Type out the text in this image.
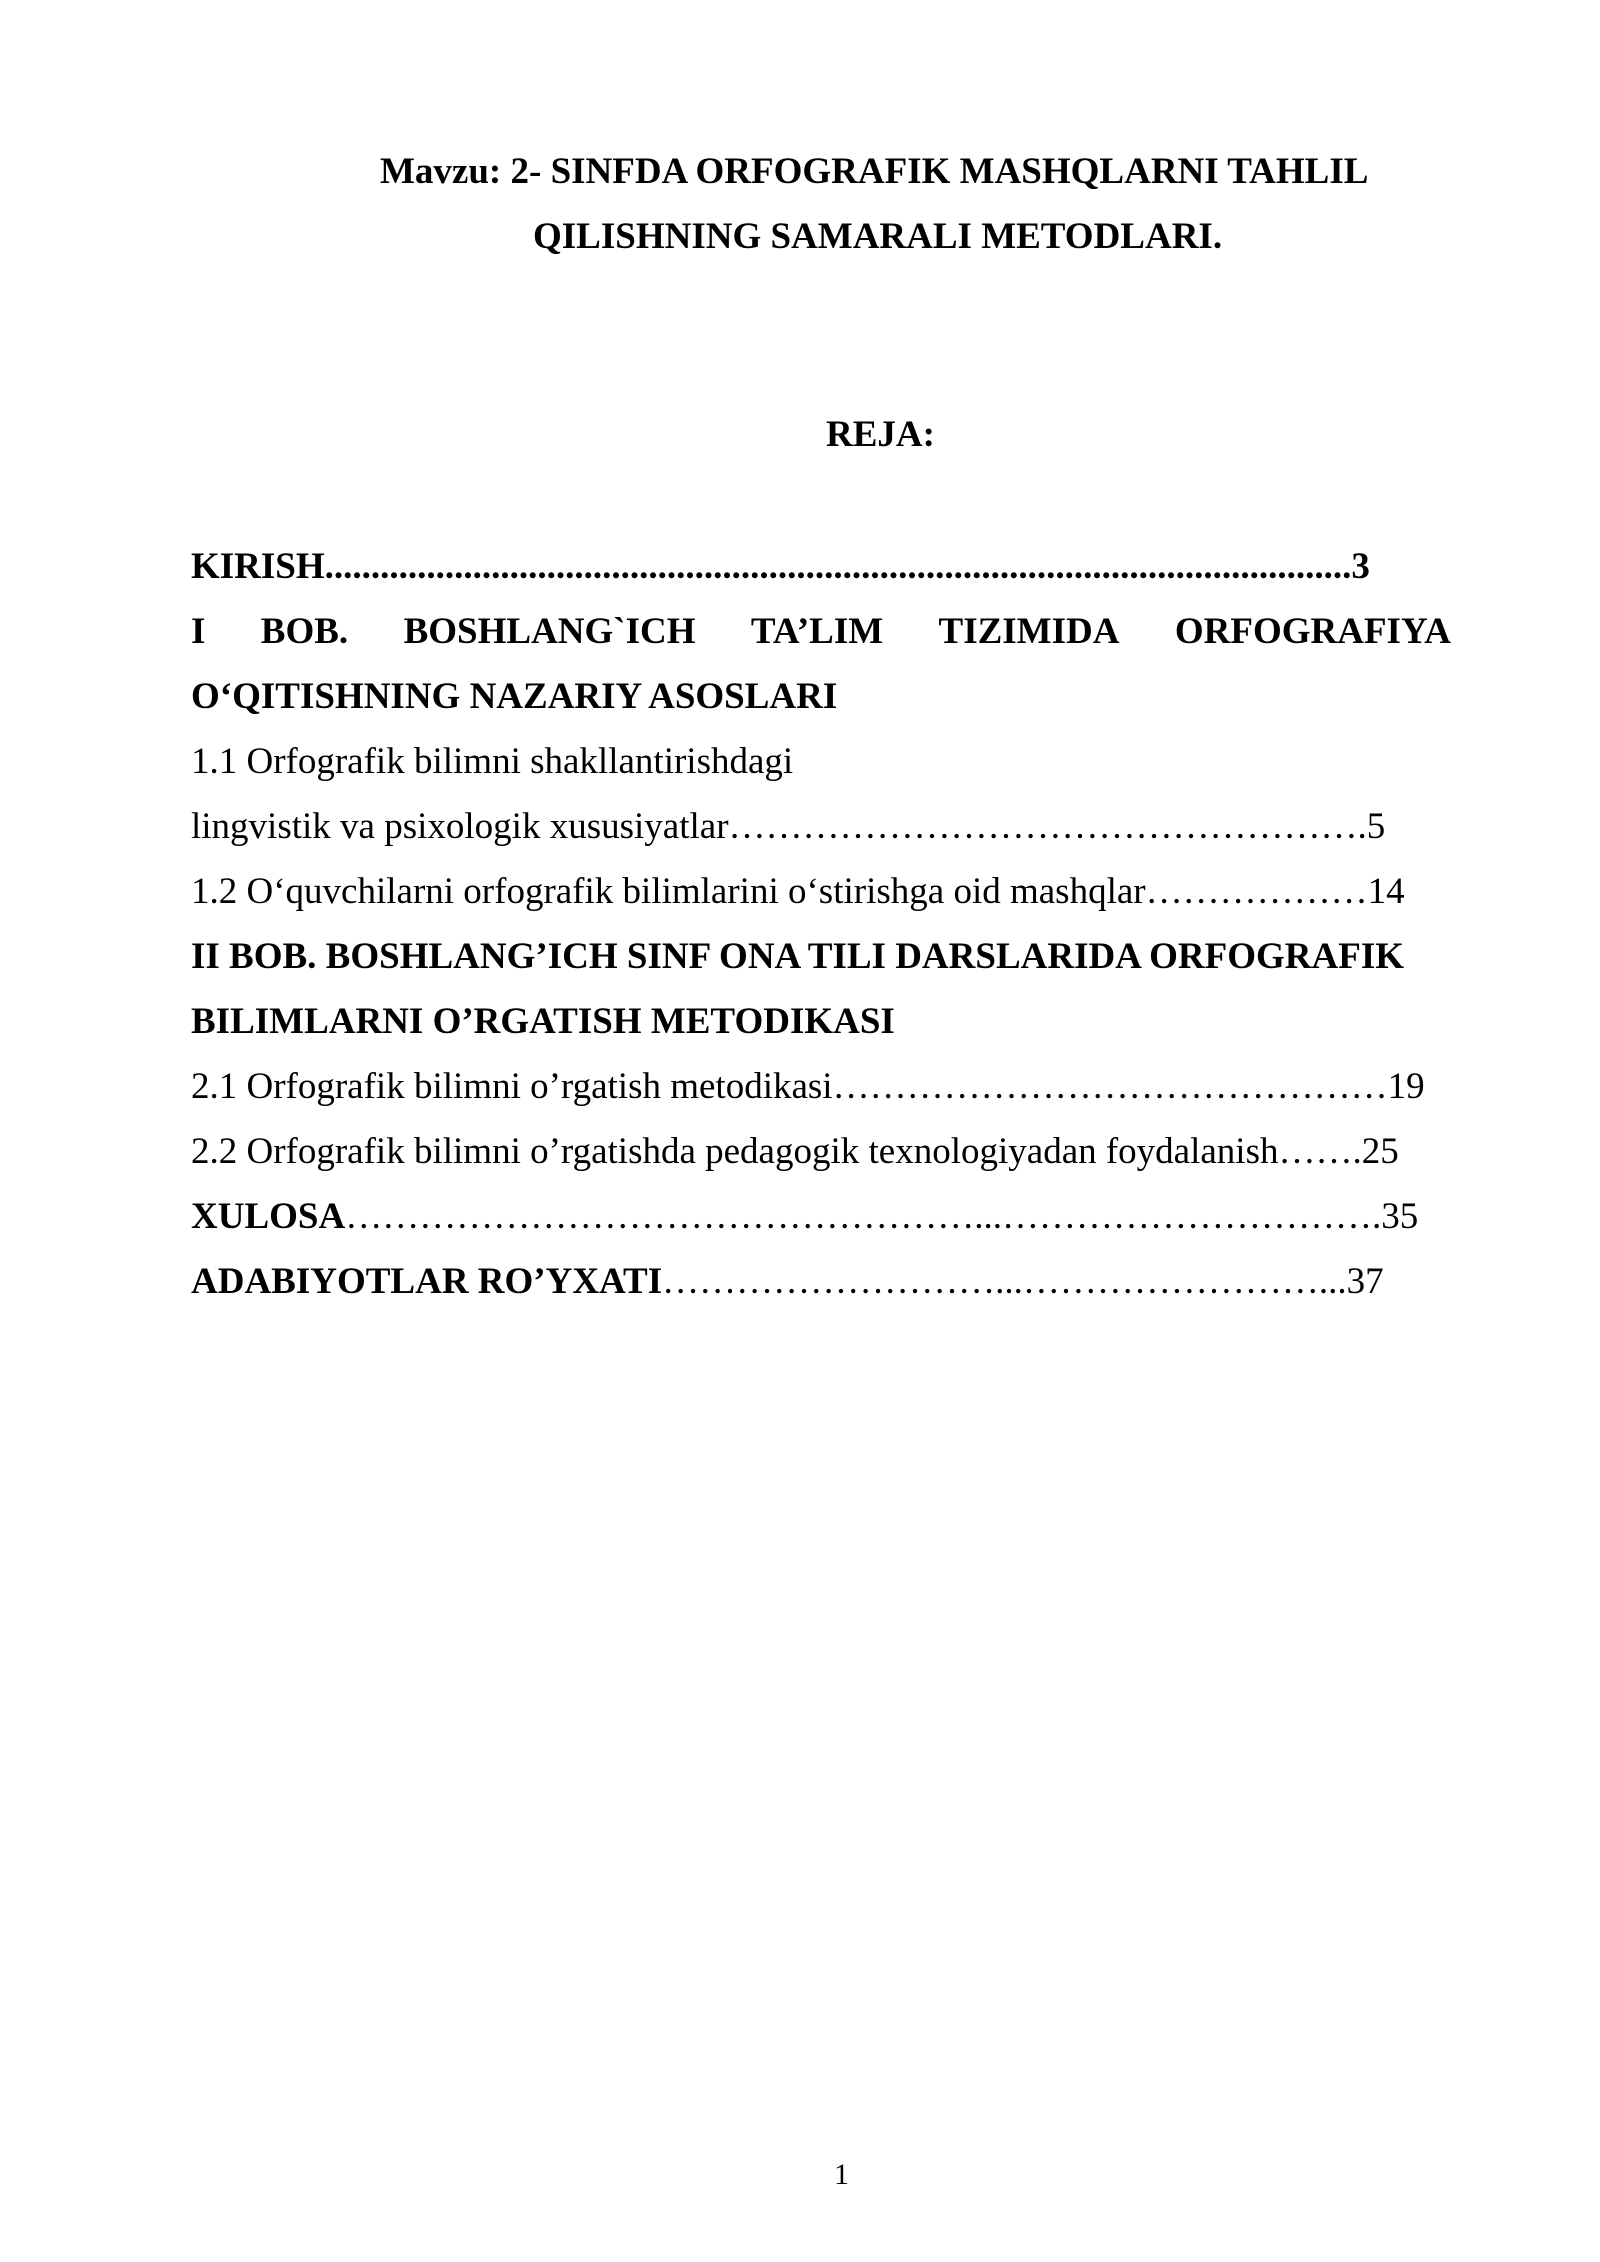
Mavzu: 2- SINFDA ORFOGRAFIK MASHQLARNI TAHLIL
QILISHNING SAMARALI METODLARI.
REJA:
KIRISH...............................................................................................................3
I BOB. BOSHLANG`ICH TA’LIM TIZIMIDA ORFOGRAFIYA
O‘QITISHNING NAZARIY ASOSLARI
1.1 Orfografik bilimni shakllantirishdagi
lingvistik va psixologik xususiyatlar…………………………………………….5
1.2 O‘quvchilarni orfografik bilimlarini o‘stirishga oid mashqlar………………14
II BOB. BOSHLANG’ICH SINF ONA TILI DARSLARIDA ORFOGRAFIK
BILIMLARNI O’RGATISH METODIKASI
2.1 Orfografik bilimni o’rgatish metodikasi………………………………………19
2.2 Orfografik bilimni o’rgatishda pedagogik texnologiyadan foydalanish…….25
XULOSA……………………………………………...………………………….35
ADABIYOTLAR RO’YXATI………………………...……………………...37
1
